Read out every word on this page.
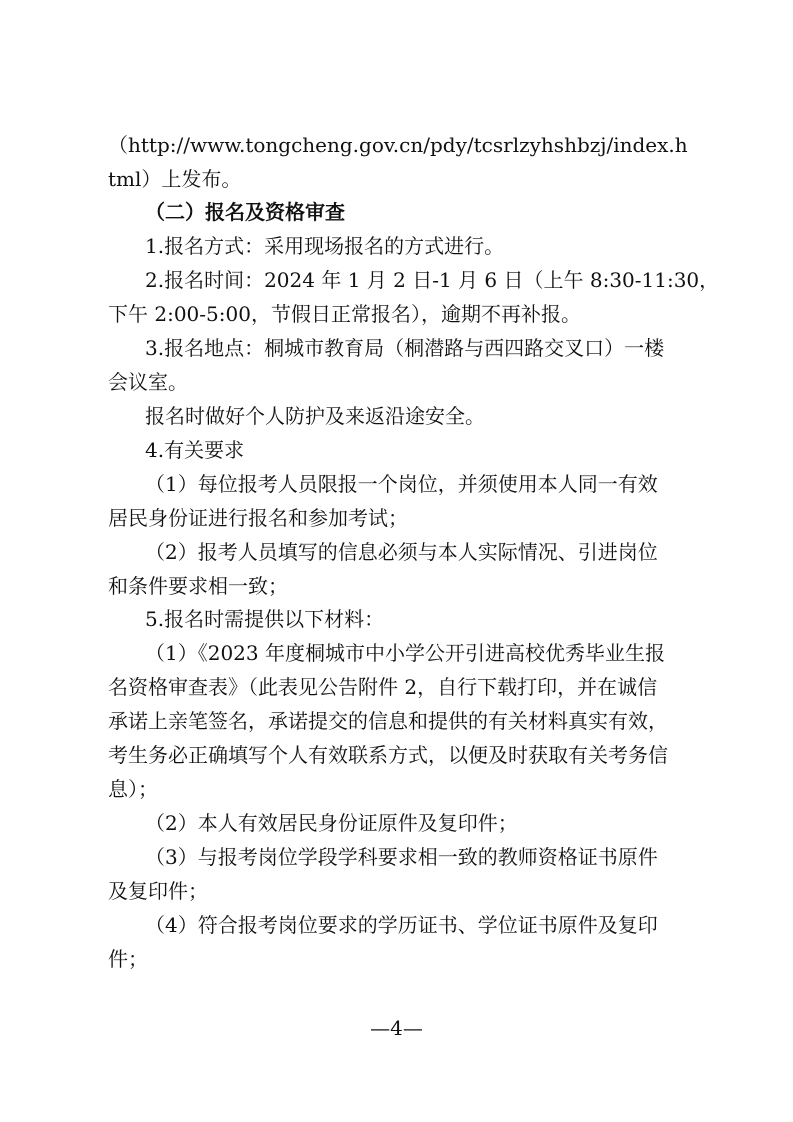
（http://www.tongcheng.gov.cn/pdy/tcsrlzyhshbzj/index.h
tml）上发布。
（二）报名及资格审查
1.报名方式：采用现场报名的方式进行。
2.报名时间：2024 年 1 月 2 日-1 月 6 日（上午 8:30-11:30，
下午 2:00-5:00，节假日正常报名），逾期不再补报。
3.报名地点：桐城市教育局（桐潜路与西四路交叉口）一楼
会议室。
报名时做好个人防护及来返沿途安全。
4.有关要求
（1）每位报考人员限报一个岗位，并须使用本人同一有效
居民身份证进行报名和参加考试；
（2）报考人员填写的信息必须与本人实际情况、引进岗位
和条件要求相一致；
5.报名时需提供以下材料：
（1）《2023 年度桐城市中小学公开引进高校优秀毕业生报
名资格审查表》（此表见公告附件 2，自行下载打印，并在诚信
承诺上亲笔签名，承诺提交的信息和提供的有关材料真实有效，
考生务必正确填写个人有效联系方式，以便及时获取有关考务信
息）；
（2）本人有效居民身份证原件及复印件；
（3）与报考岗位学段学科要求相一致的教师资格证书原件
及复印件；
（4）符合报考岗位要求的学历证书、学位证书原件及复印
件；
—4—
